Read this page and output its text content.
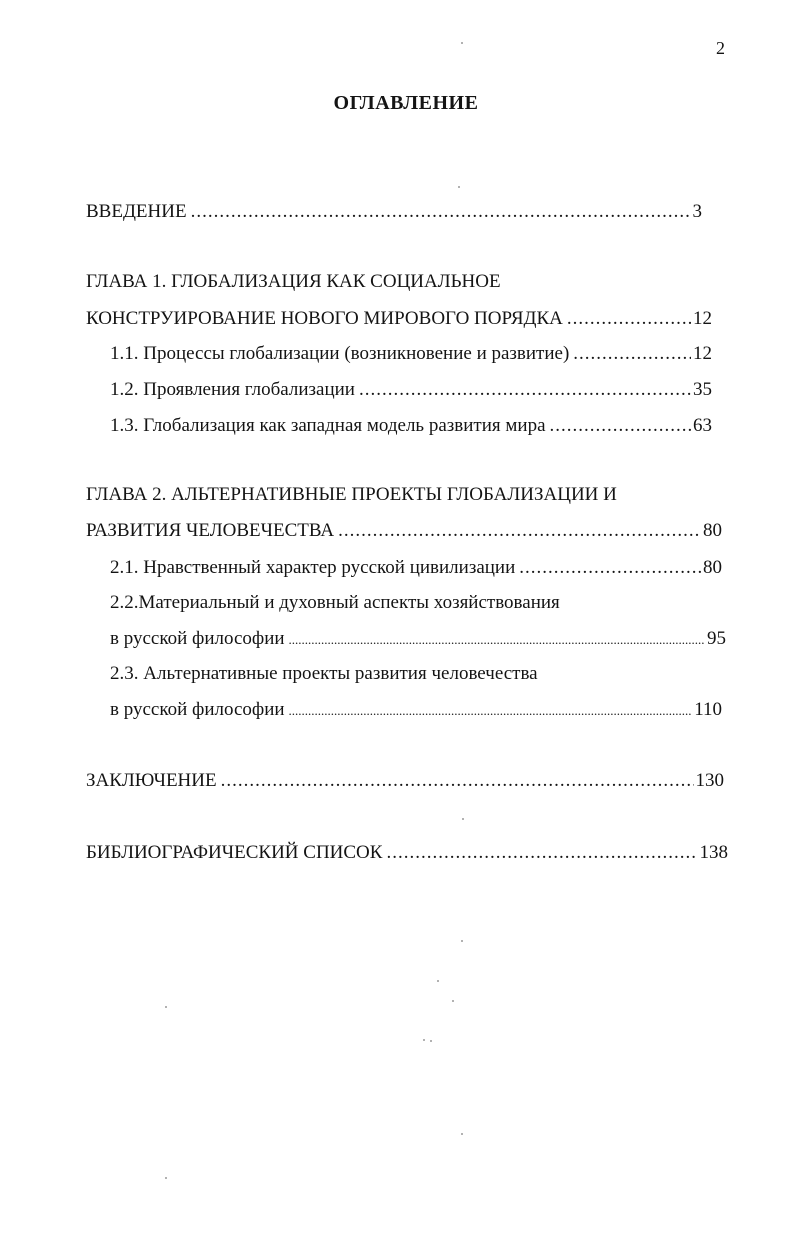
2
ОГЛАВЛЕНИЕ
ВВЕДЕНИЕ .....	3
ГЛАВА 1. ГЛОБАЛИЗАЦИЯ КАК СОЦИАЛЬНОЕ
КОНСТРУИРОВАНИЕ НОВОГО МИРОВОГО ПОРЯДКА .....	12
1.1. Процессы глобализации (возникновение и развитие) .....	12
1.2. Проявления глобализации .....	35
1.3. Глобализация как западная модель развития мира .....	63
ГЛАВА 2. АЛЬТЕРНАТИВНЫЕ ПРОЕКТЫ ГЛОБАЛИЗАЦИИ И
РАЗВИТИЯ ЧЕЛОВЕЧЕСТВА .....	80
2.1. Нравственный характер русской цивилизации .....	80
2.2.Материальный и духовный аспекты хозяйствования
в русской философии .....	95
2.3. Альтернативные проекты развития человечества
в русской философии .....	110
ЗАКЛЮЧЕНИЕ .....	130
БИБЛИОГРАФИЧЕСКИЙ СПИСОК .....	138
